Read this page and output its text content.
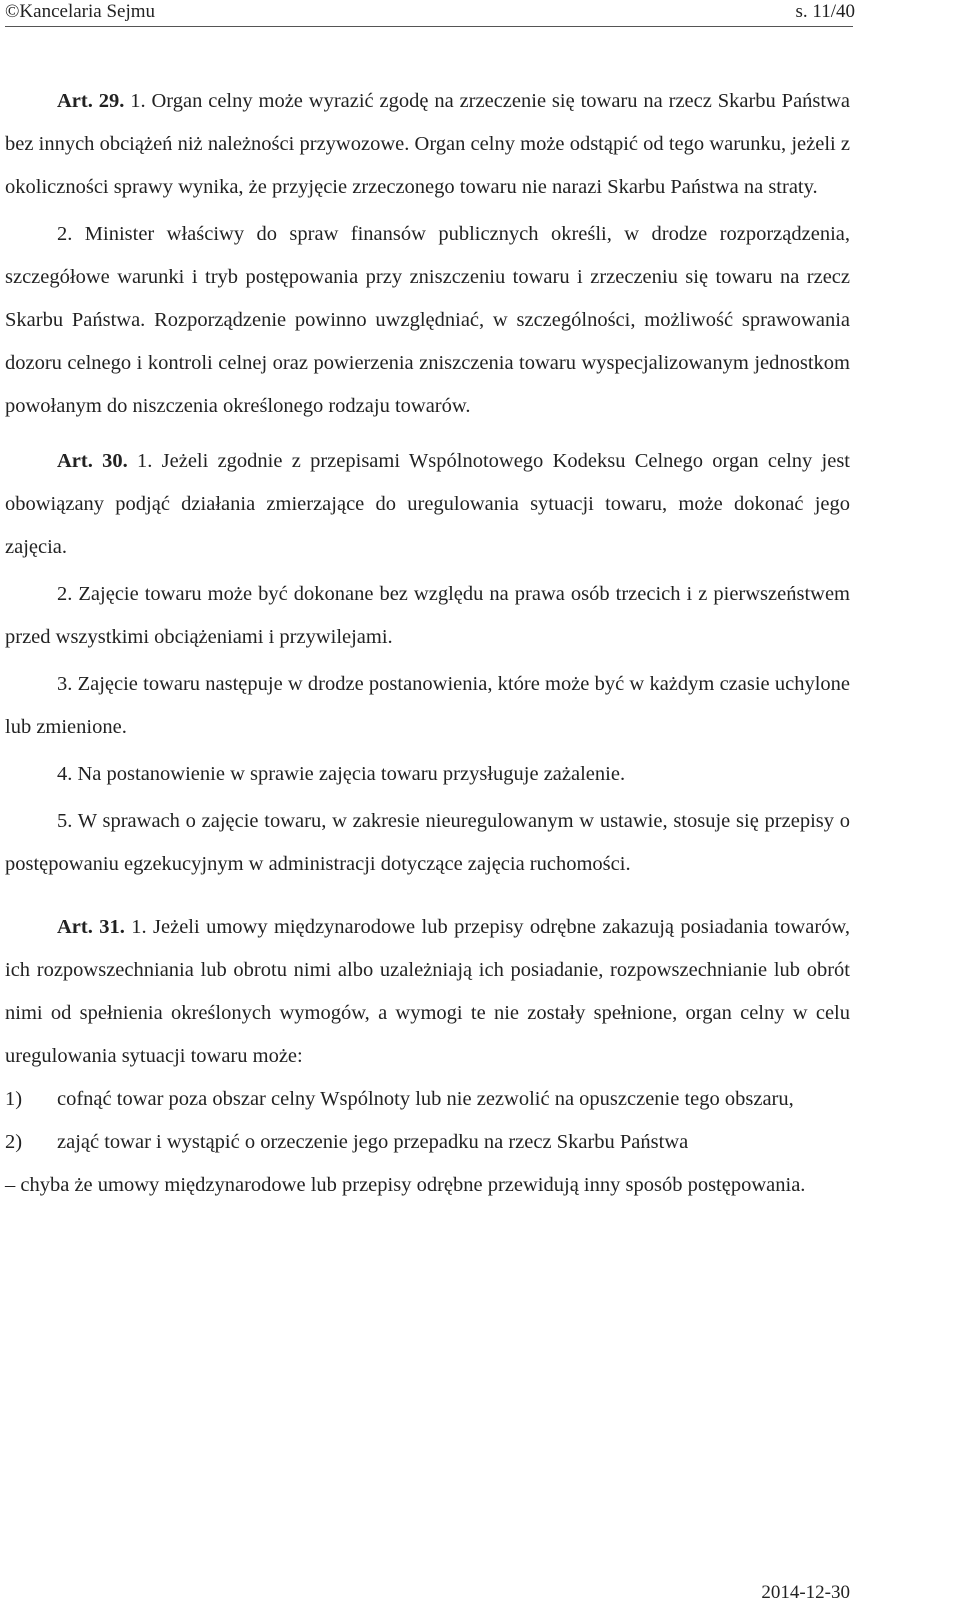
©Kancelaria Sejmu	s. 11/40

Art. 29. 1. Organ celny może wyrazić zgodę na zrzeczenie się towaru na rzecz Skarbu Państwa bez innych obciążeń niż należności przywozowe. Organ celny może odstąpić od tego warunku, jeżeli z okoliczności sprawy wynika, że przyjęcie zrzeczonego towaru nie narazi Skarbu Państwa na straty.

2. Minister właściwy do spraw finansów publicznych określi, w drodze rozporządzenia, szczegółowe warunki i tryb postępowania przy zniszczeniu towaru i zrzeczeniu się towaru na rzecz Skarbu Państwa. Rozporządzenie powinno uwzględniać, w szczególności, możliwość sprawowania dozoru celnego i kontroli celnej oraz powierzenia zniszczenia towaru wyspecjalizowanym jednostkom powołanym do niszczenia określonego rodzaju towarów.

Art. 30. 1. Jeżeli zgodnie z przepisami Wspólnotowego Kodeksu Celnego organ celny jest obowiązany podjąć działania zmierzające do uregulowania sytuacji towaru, może dokonać jego zajęcia.

2. Zajęcie towaru może być dokonane bez względu na prawa osób trzecich i z pierwszeństwem przed wszystkimi obciążeniami i przywilejami.

3. Zajęcie towaru następuje w drodze postanowienia, które może być w każdym czasie uchylone lub zmienione.

4. Na postanowienie w sprawie zajęcia towaru przysługuje zażalenie.

5. W sprawach o zajęcie towaru, w zakresie nieuregulowanym w ustawie, stosuje się przepisy o postępowaniu egzekucyjnym w administracji dotyczące zajęcia ruchomości.

Art. 31. 1. Jeżeli umowy międzynarodowe lub przepisy odrębne zakazują posiadania towarów, ich rozpowszechniania lub obrotu nimi albo uzależniają ich posiadanie, rozpowszechnianie lub obrót nimi od spełnienia określonych wymogów, a wymogi te nie zostały spełnione, organ celny w celu uregulowania sytuacji towaru może:

1)	cofnąć towar poza obszar celny Wspólnoty lub nie zezwolić na opuszczenie tego obszaru,
2)	zająć towar i wystąpić o orzeczenie jego przepadku na rzecz Skarbu Państwa

– chyba że umowy międzynarodowe lub przepisy odrębne przewidują inny sposób postępowania.

2014-12-30
